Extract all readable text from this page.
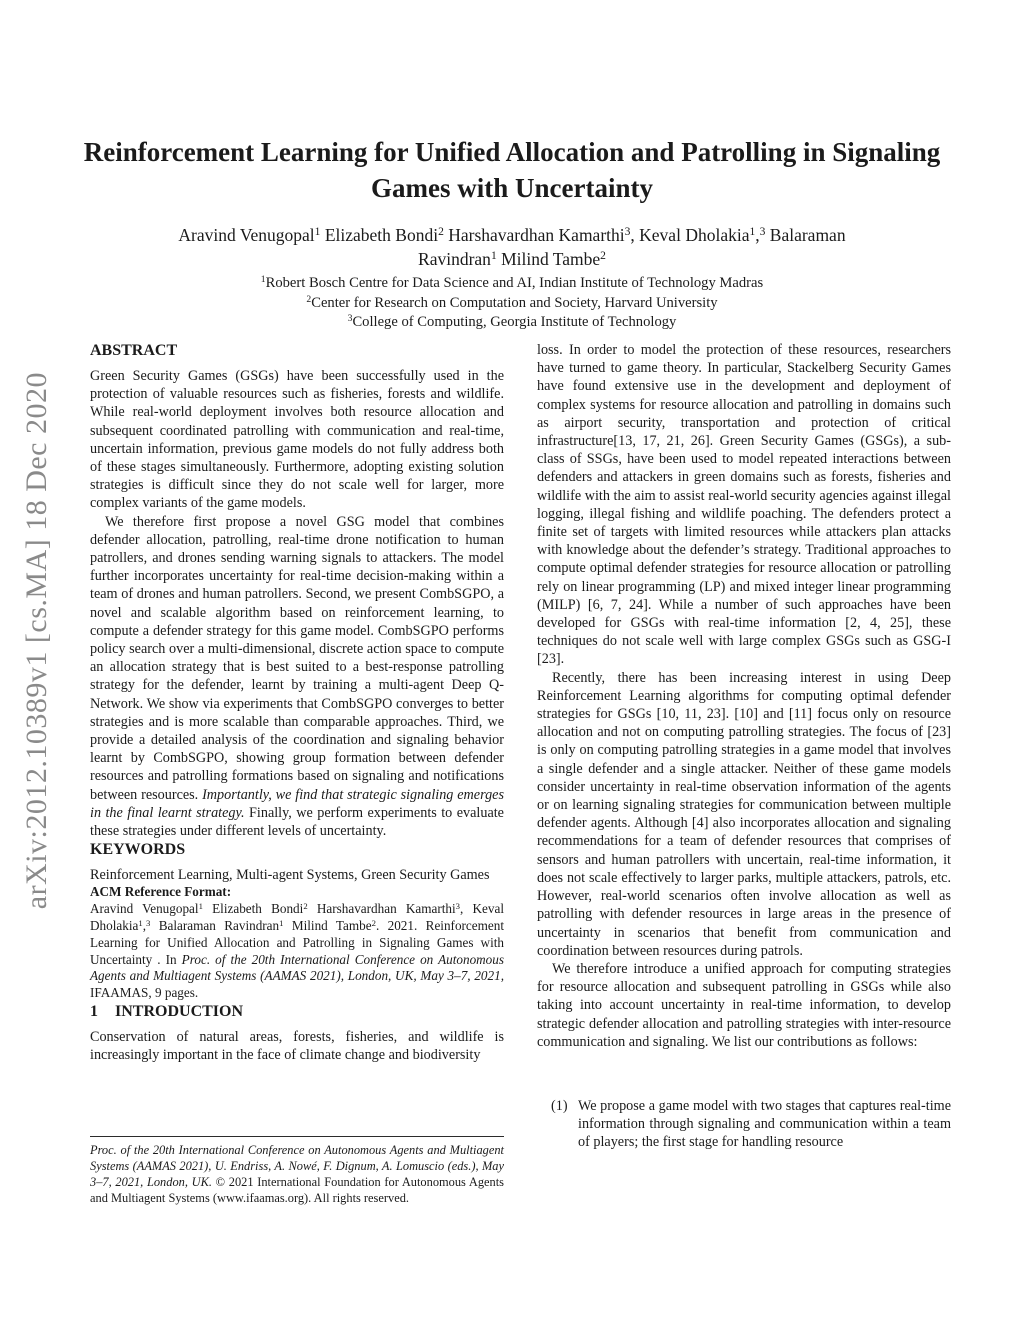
arXiv:2012.10389v1 [cs.MA] 18 Dec 2020
Reinforcement Learning for Unified Allocation and Patrolling in Signaling Games with Uncertainty
Aravind Venugopal$^1$ Elizabeth Bondi$^2$ Harshavardhan Kamarthi$^3$, Keval Dholakia$^1$,$^3$ Balaraman
Ravindran$^1$ Milind Tambe$^2$
$^1$Robert Bosch Centre for Data Science and AI, Indian Institute of Technology Madras
$^2$Center for Research on Computation and Society, Harvard University
$^3$College of Computing, Georgia Institute of Technology
ABSTRACT

Green Security Games (GSGs) have been successfully used in the protection of valuable resources such as fisheries, forests and wildlife. While real-world deployment involves both resource allocation and subsequent coordinated patrolling with communication and real-time, uncertain information, previous game models do not fully address both of these stages simultaneously. Furthermore, adopting existing solution strategies is difficult since they do not scale well for larger, more complex variants of the game models.

We therefore first propose a novel GSG model that combines defender allocation, patrolling, real-time drone notification to human patrollers, and drones sending warning signals to attackers. The model further incorporates uncertainty for real-time decision-making within a team of drones and human patrollers. Second, we present CombSGPO, a novel and scalable algorithm based on reinforcement learning, to compute a defender strategy for this game model. CombSGPO performs policy search over a multi-dimensional, discrete action space to compute an allocation strategy that is best suited to a best-response patrolling strategy for the defender, learnt by training a multi-agent Deep Q-Network. We show via experiments that CombSGPO converges to better strategies and is more scalable than comparable approaches. Third, we provide a detailed analysis of the coordination and signaling behavior learnt by CombSGPO, showing group formation between defender resources and patrolling formations based on signaling and notifications between resources. Importantly, we find that strategic signaling emerges in the final learnt strategy. Finally, we perform experiments to evaluate these strategies under different levels of uncertainty.

KEYWORDS

Reinforcement Learning, Multi-agent Systems, Green Security Games

ACM Reference Format:

Aravind Venugopal$^1$ Elizabeth Bondi$^2$ Harshavardhan Kamarthi$^3$, Keval Dholakia$^1$,$^3$ Balaraman Ravindran$^1$ Milind Tambe$^2$. 2021. Reinforcement Learning for Unified Allocation and Patrolling in Signaling Games with Uncertainty . In Proc. of the 20th International Conference on Autonomous Agents and Multiagent Systems (AAMAS 2021), London, UK, May 3–7, 2021, IFAAMAS, 9 pages.

1 INTRODUCTION

Conservation of natural areas, forests, fisheries, and wildlife is increasingly important in the face of climate change and biodiversity

Proc. of the 20th International Conference on Autonomous Agents and Multiagent Systems (AAMAS 2021), U. Endriss, A. Nowé, F. Dignum, A. Lomuscio (eds.), May 3–7, 2021, London, UK. © 2021 International Foundation for Autonomous Agents and Multiagent Systems (www.ifaamas.org). All rights reserved.

loss. In order to model the protection of these resources, researchers have turned to game theory. In particular, Stackelberg Security Games have found extensive use in the development and deployment of complex systems for resource allocation and patrolling in domains such as airport security, transportation and protection of critical infrastructure[13, 17, 21, 26]. Green Security Games (GSGs), a sub-class of SSGs, have been used to model repeated interactions between defenders and attackers in green domains such as forests, fisheries and wildlife with the aim to assist real-world security agencies against illegal logging, illegal fishing and wildlife poaching. The defenders protect a finite set of targets with limited resources while attackers plan attacks with knowledge about the defender’s strategy. Traditional approaches to compute optimal defender strategies for resource allocation or patrolling rely on linear programming (LP) and mixed integer linear programming (MILP) [6, 7, 24]. While a number of such approaches have been developed for GSGs with real-time information [2, 4, 25], these techniques do not scale well with large complex GSGs such as GSG-I [23].

Recently, there has been increasing interest in using Deep Reinforcement Learning algorithms for computing optimal defender strategies for GSGs [10, 11, 23]. [10] and [11] focus only on resource allocation and not on computing patrolling strategies. The focus of [23] is only on computing patrolling strategies in a game model that involves a single defender and a single attacker. Neither of these game models consider uncertainty in real-time observation information of the agents or on learning signaling strategies for communication between multiple defender agents. Although [4] also incorporates allocation and signaling recommendations for a team of defender resources that comprises of sensors and human patrollers with uncertain, real-time information, it does not scale effectively to larger parks, multiple attackers, patrols, etc. However, real-world scenarios often involve allocation as well as patrolling with defender resources in large areas in the presence of uncertainty in scenarios that benefit from communication and coordination between resources during patrols.

We therefore introduce a unified approach for computing strategies for resource allocation and subsequent patrolling in GSGs while also taking into account uncertainty in real-time information, to develop strategic defender allocation and patrolling strategies with inter-resource communication and signaling. We list our contributions as follows:

(1) We propose a game model with two stages that captures real-time information through signaling and communication within a team of players; the first stage for handling resource
